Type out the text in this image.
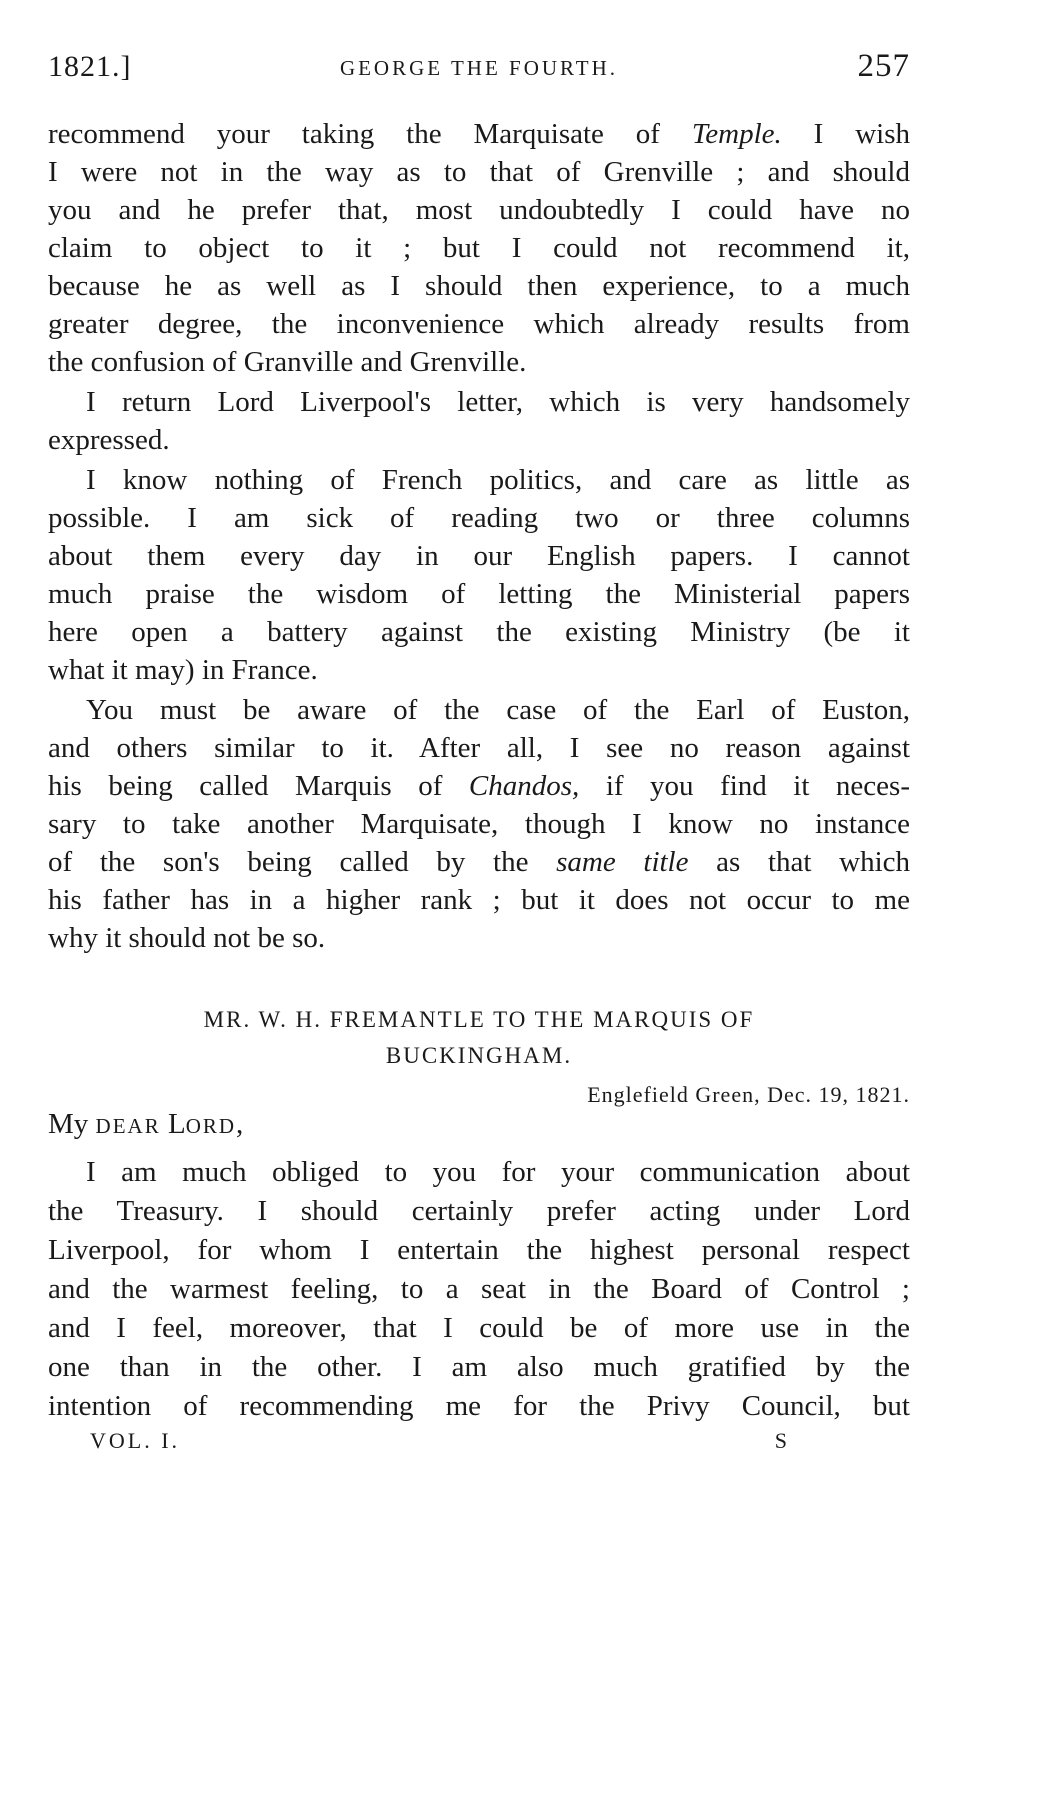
1821.]	GEORGE THE FOURTH.	257
recommend your taking the Marquisate of Temple. I wish
I were not in the way as to that of Grenville ; and should
you and he prefer that, most undoubtedly I could have no
claim to object to it ; but I could not recommend it,
because he as well as I should then experience, to a much
greater degree, the inconvenience which already results from
the confusion of Granville and Grenville.
I return Lord Liverpool's letter, which is very handsomely
expressed.
I know nothing of French politics, and care as little as
possible. I am sick of reading two or three columns
about them every day in our English papers. I cannot
much praise the wisdom of letting the Ministerial papers
here open a battery against the existing Ministry (be it
what it may) in France.
You must be aware of the case of the Earl of Euston,
and others similar to it. After all, I see no reason against
his being called Marquis of Chandos, if you find it neces-
sary to take another Marquisate, though I know no instance
of the son's being called by the same title as that which
his father has in a higher rank ; but it does not occur to me
why it should not be so.
MR. W. H. FREMANTLE TO THE MARQUIS OF
BUCKINGHAM.
Englefield Green, Dec. 19, 1821.
My DEAR LORD,
I am much obliged to you for your communication about
the Treasury. I should certainly prefer acting under Lord
Liverpool, for whom I entertain the highest personal respect
and the warmest feeling, to a seat in the Board of Control ;
and I feel, moreover, that I could be of more use in the
one than in the other. I am also much gratified by the
intention of recommending me for the Privy Council, but
VOL. I.	S
